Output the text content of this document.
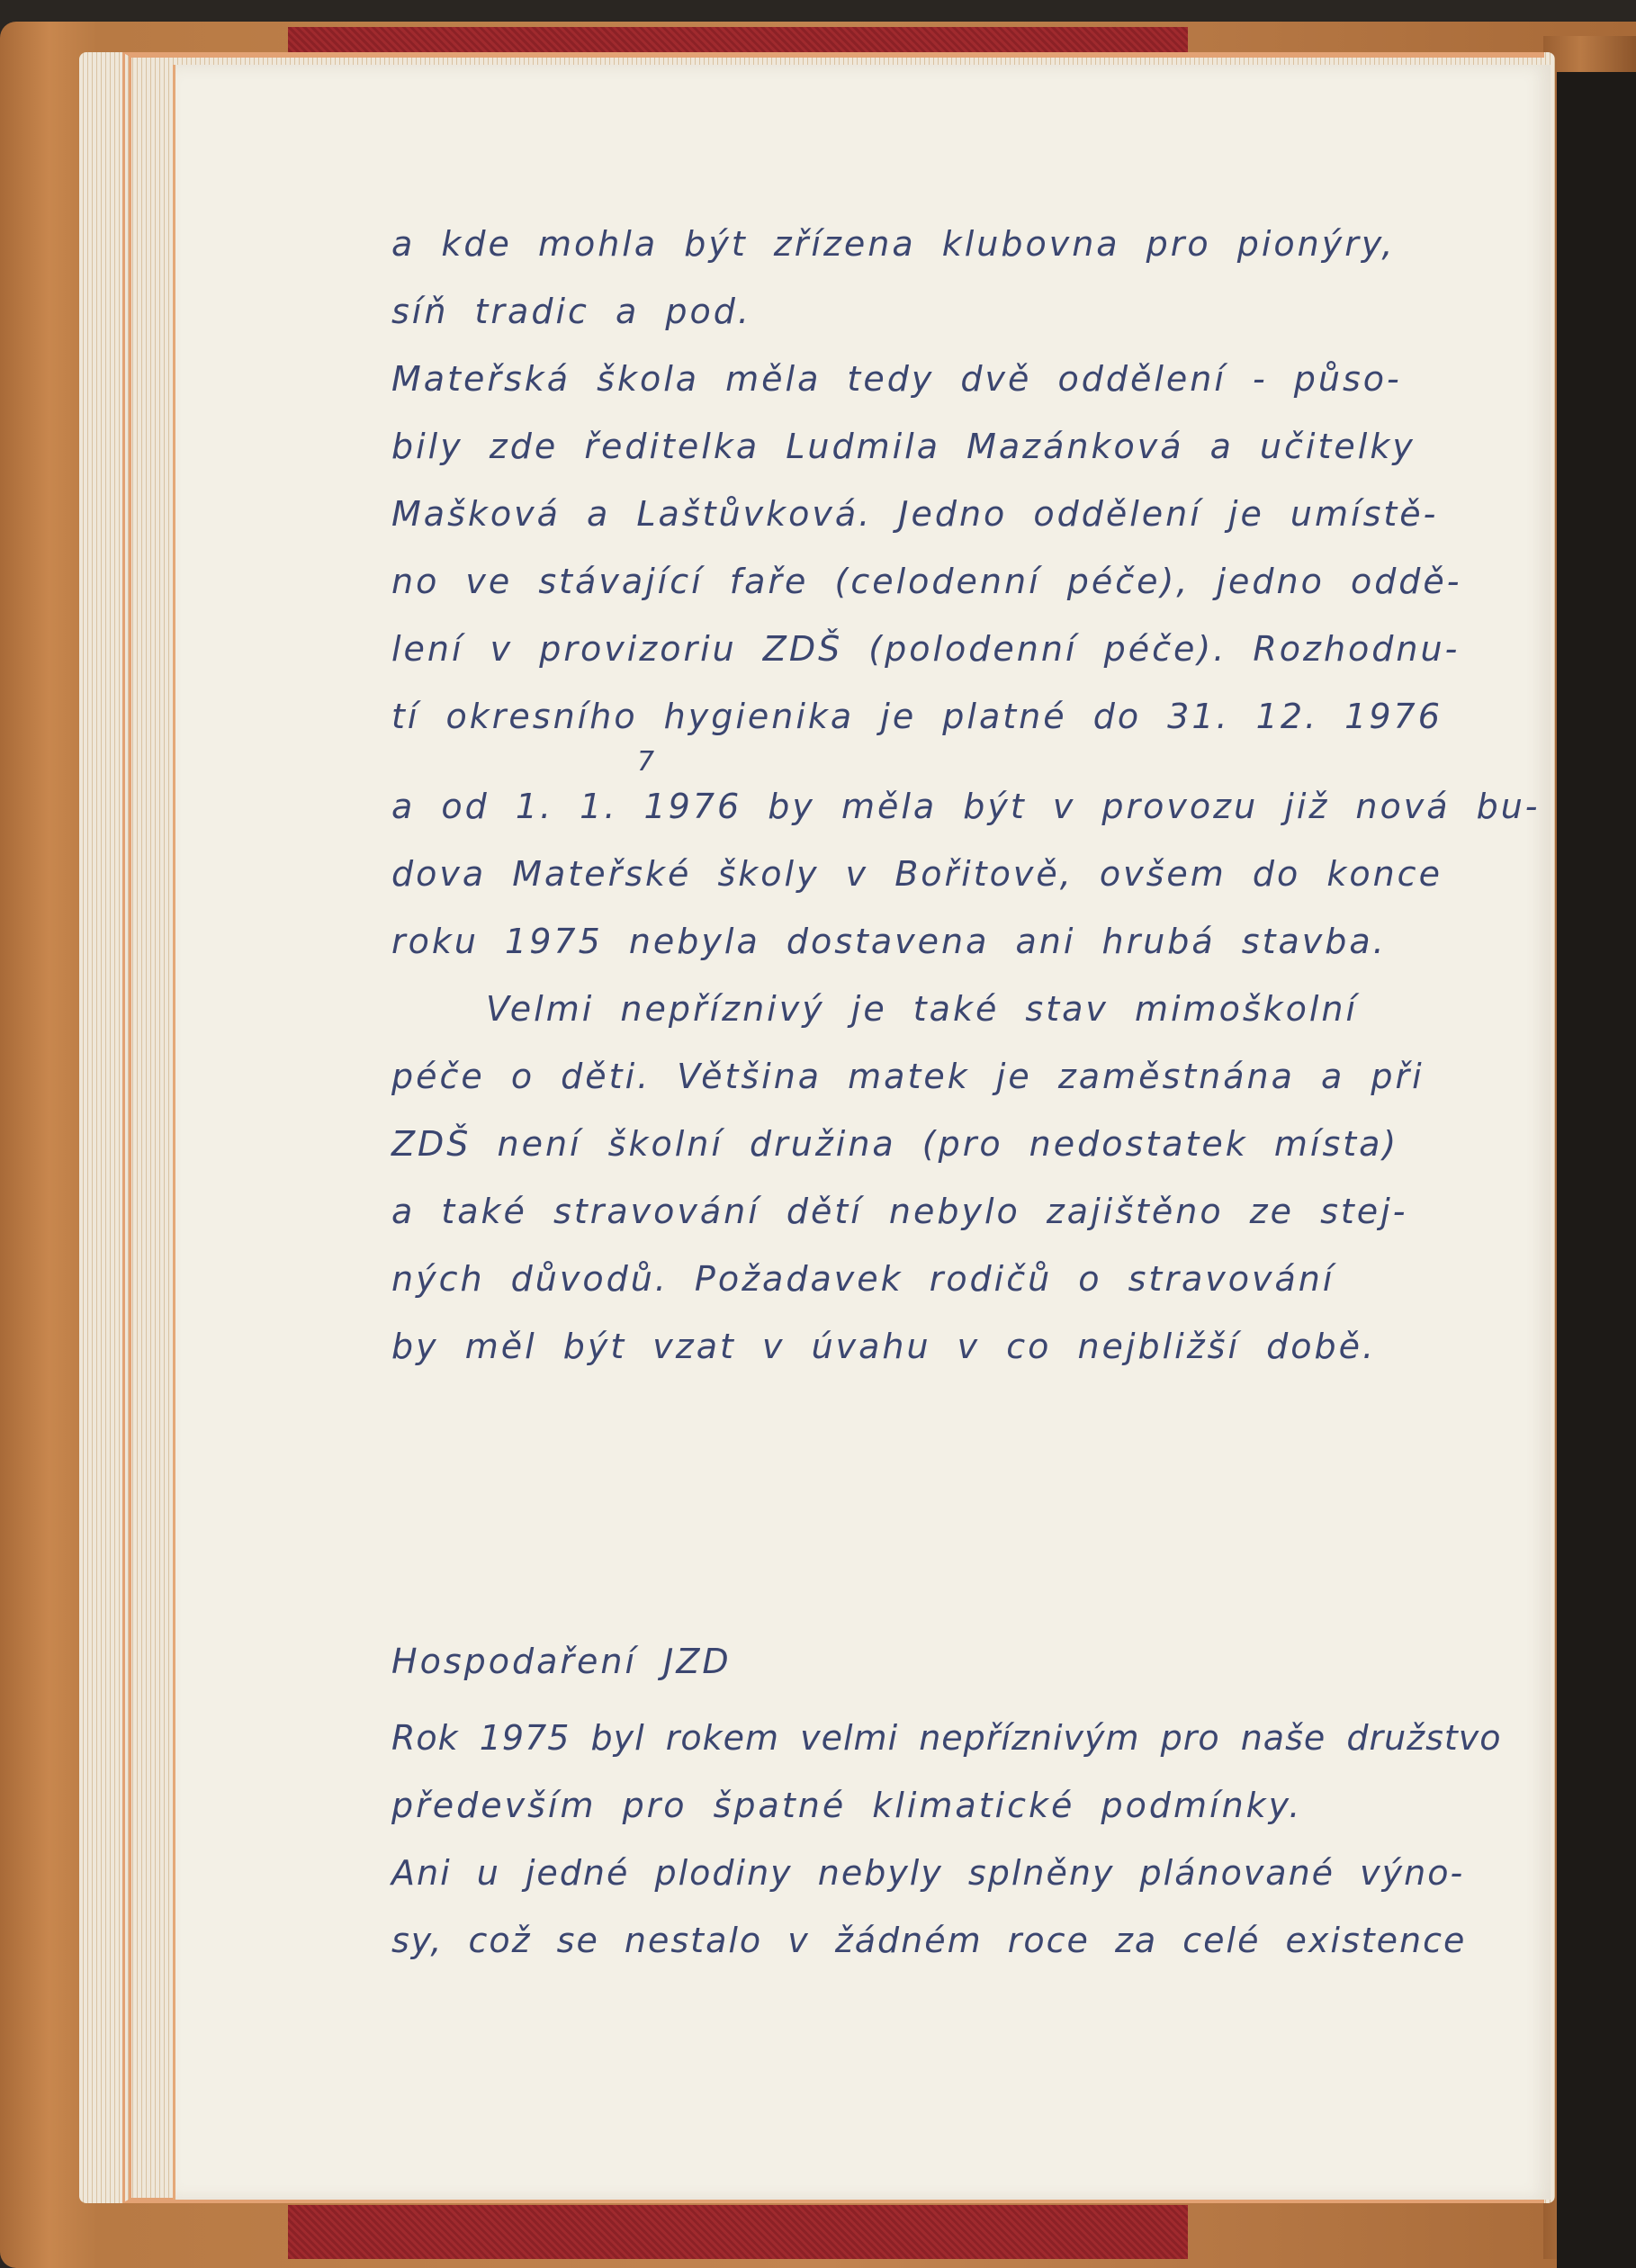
a kde mohla být zřízena klubovna pro pionýry,
síň tradic a pod.
Mateřská škola měla tedy dvě oddělení - půso-
bily zde ředitelka Ludmila Mazánková a učitelky
Mašková a Laštůvková. Jedno oddělení je umístě-
no ve stávající faře (celodenní péče), jedno oddě-
lení v provizoriu ZDŠ (polodenní péče). Rozhodnu-
tí okresního hygienika je platné do 31. 12. 1976
a od 1. 1. 1976 by měla být v provozu již nová bu-
7
dova Mateřské školy v Bořitově, ovšem do konce
roku 1975 nebyla dostavena ani hrubá stavba.
Velmi nepříznivý je také stav mimoškolní
péče o děti. Většina matek je zaměstnána a při
ZDŠ není školní družina (pro nedostatek místa)
a také stravování dětí nebylo zajištěno ze stej-
ných důvodů. Požadavek rodičů o stravování
by měl být vzat v úvahu v co nejbližší době.
Hospodaření JZD
Rok 1975 byl rokem velmi nepříznivým pro naše družstvo
především pro špatné klimatické podmínky.
Ani u jedné plodiny nebyly splněny plánované výno-
sy, což se nestalo v žádném roce za celé existence
